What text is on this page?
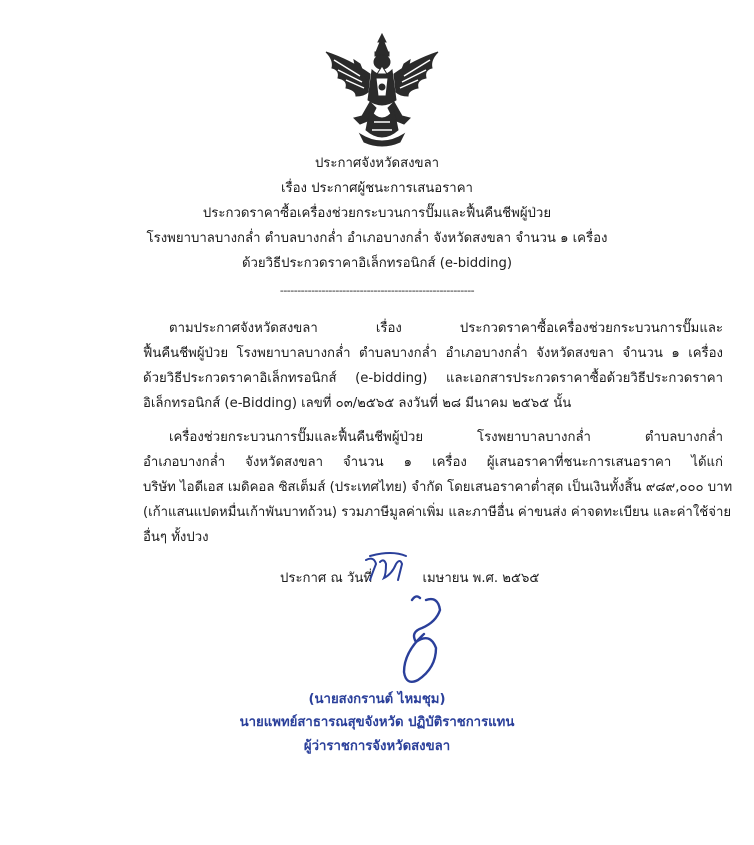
ประกาศจังหวัดสงขลา
เรื่อง ประกาศผู้ชนะการเสนอราคา
ประกวดราคาซื้อเครื่องช่วยกระบวนการปั๊มและฟื้นคืนชีพผู้ป่วย
โรงพยาบาลบางกล่ำ ตำบลบางกล่ำ อำเภอบางกล่ำ จังหวัดสงขลา จำนวน ๑ เครื่อง
ด้วยวิธีประกวดราคาอิเล็กทรอนิกส์ (e-bidding)
--------------------------------------------------------
ตามประกาศจังหวัดสงขลา เรื่อง ประกวดราคาซื้อเครื่องช่วยกระบวนการปั๊มและ
ฟื้นคืนชีพผู้ป่วย โรงพยาบาลบางกล่ำ ตำบลบางกล่ำ อำเภอบางกล่ำ จังหวัดสงขลา จำนวน ๑ เครื่อง
ด้วยวิธีประกวดราคาอิเล็กทรอนิกส์ (e-bidding) และเอกสารประกวดราคาซื้อด้วยวิธีประกวดราคา
อิเล็กทรอนิกส์ (e-Bidding) เลขที่ ๐๓/๒๕๖๕ ลงวันที่ ๒๘ มีนาคม ๒๕๖๕ นั้น
เครื่องช่วยกระบวนการปั๊มและฟื้นคืนชีพผู้ป่วย โรงพยาบาลบางกล่ำ ตำบลบางกล่ำ
อำเภอบางกล่ำ จังหวัดสงขลา จำนวน ๑ เครื่อง ผู้เสนอราคาที่ชนะการเสนอราคา ได้แก่
บริษัท ไอดีเอส เมดิคอล ซิสเต็มส์ (ประเทศไทย) จำกัด โดยเสนอราคาต่ำสุด เป็นเงินทั้งสิ้น ๙๘๙,๐๐๐ บาท
(เก้าแสนแปดหมื่นเก้าพันบาทถ้วน) รวมภาษีมูลค่าเพิ่ม และภาษีอื่น ค่าขนส่ง ค่าจดทะเบียน และค่าใช้จ่าย
อื่นๆ ทั้งปวง
ประกาศ ณ วันที่	เมษายน พ.ศ. ๒๕๖๕
(นายสงกรานต์ ไหมชุม)
นายแพทย์สาธารณสุขจังหวัด ปฏิบัติราชการแทน
ผู้ว่าราชการจังหวัดสงขลา
